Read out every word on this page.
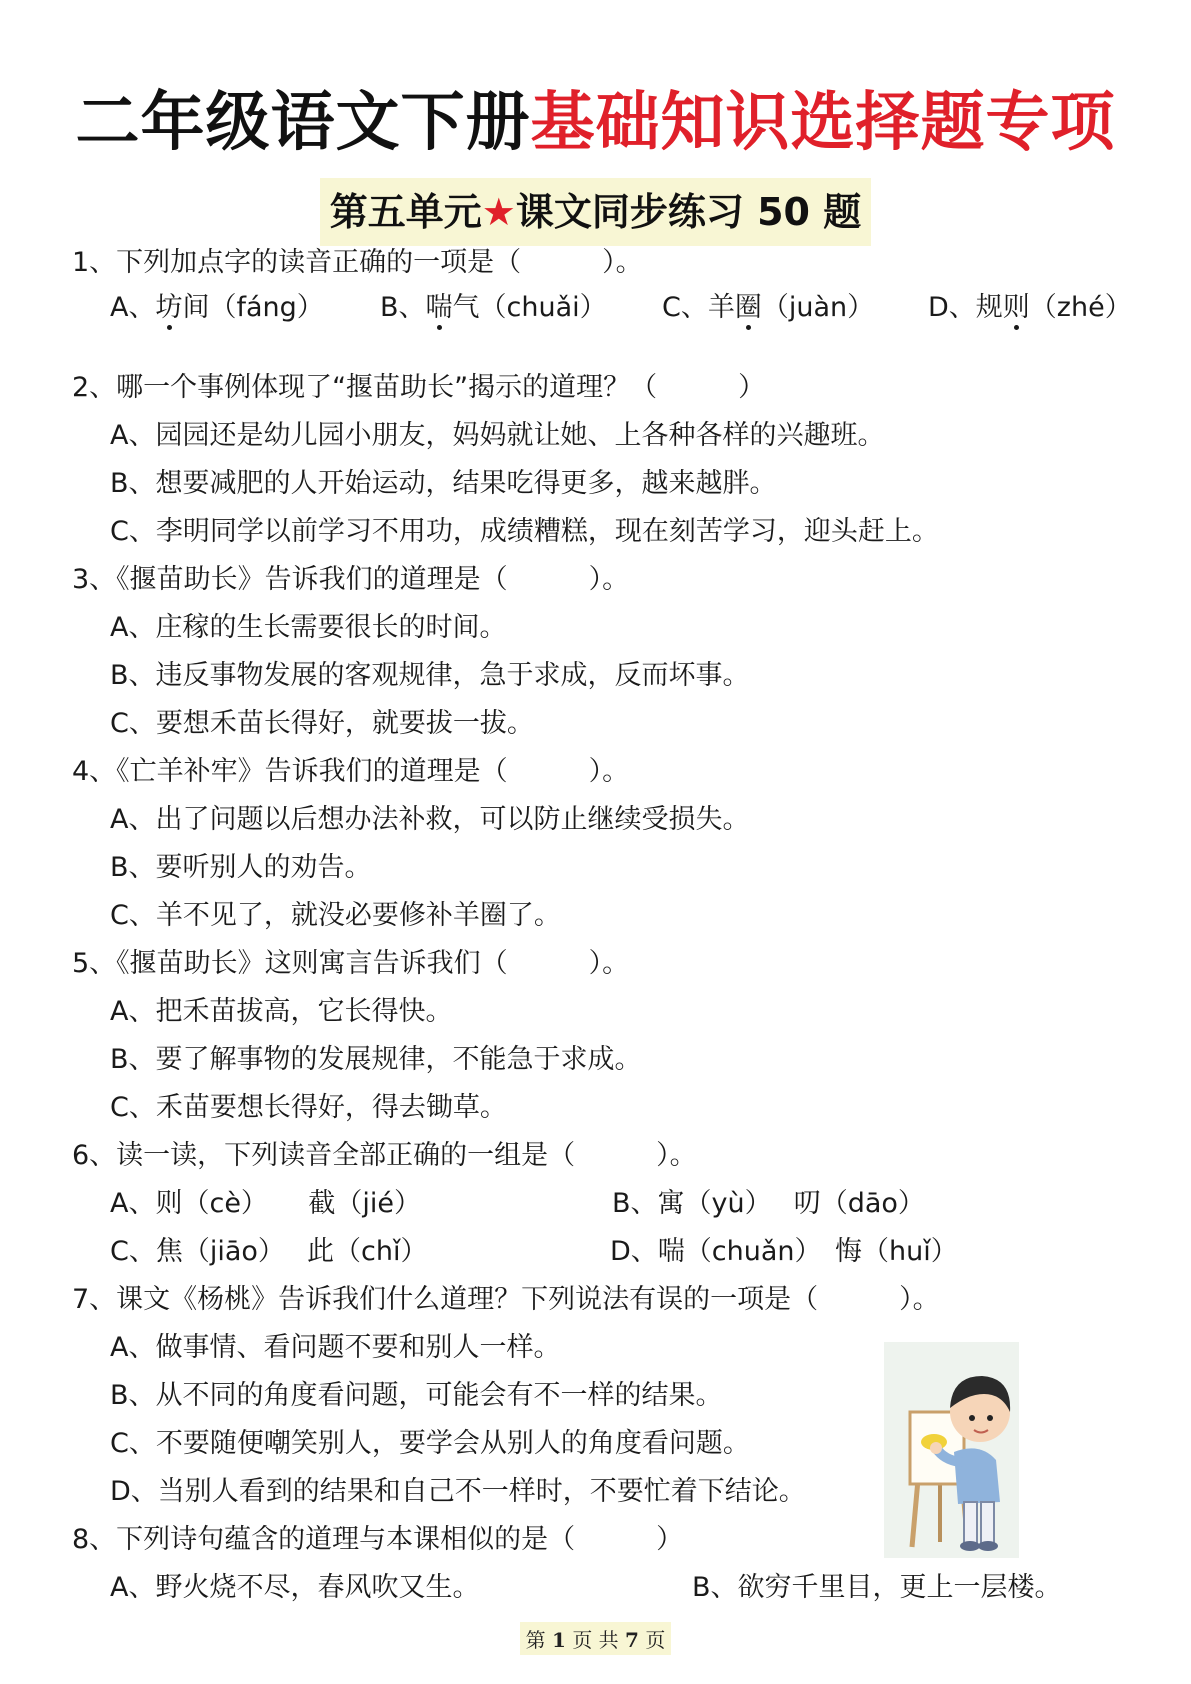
二年级语文下册基础知识选择题专项
第五单元★课文同步练习 50 题
1、下列加点字的读音正确的一项是（　　　）。
A、坊间（fáng） B、喘气（chuǎi） C、羊圈（juàn） D、规则（zhé）
2、哪一个事例体现了“揠苗助长”揭示的道理？（　　　）
A、园园还是幼儿园小朋友，妈妈就让她、上各种各样的兴趣班。
B、想要减肥的人开始运动，结果吃得更多，越来越胖。
C、李明同学以前学习不用功，成绩糟糕，现在刻苦学习，迎头赶上。
3、《揠苗助长》告诉我们的道理是（　　　）。
A、庄稼的生长需要很长的时间。
B、违反事物发展的客观规律，急于求成，反而坏事。
C、要想禾苗长得好，就要拔一拔。
4、《亡羊补牢》告诉我们的道理是（　　　）。
A、出了问题以后想办法补救，可以防止继续受损失。
B、要听别人的劝告。
C、羊不见了，就没必要修补羊圈了。
5、《揠苗助长》这则寓言告诉我们（　　　）。
A、把禾苗拔高，它长得快。
B、要了解事物的发展规律，不能急于求成。
C、禾苗要想长得好，得去锄草。
6、读一读，下列读音全部正确的一组是（　　　）。
A、则（cè）　　截（jié）	B、寓（yù）　 叨（dāo）
C、焦（jiāo）　 此（chǐ）	D、喘（chuǎn）　悔（huǐ）
7、课文《杨桃》告诉我们什么道理？下列说法有误的一项是（　　　）。
A、做事情、看问题不要和别人一样。
B、从不同的角度看问题，可能会有不一样的结果。
C、不要随便嘲笑别人，要学会从别人的角度看问题。
D、当别人看到的结果和自己不一样时，不要忙着下结论。
8、下列诗句蕴含的道理与本课相似的是（　　　）
A、野火烧不尽，春风吹又生。	B、欲穷千里目，更上一层楼。
第 1 页 共 7 页
